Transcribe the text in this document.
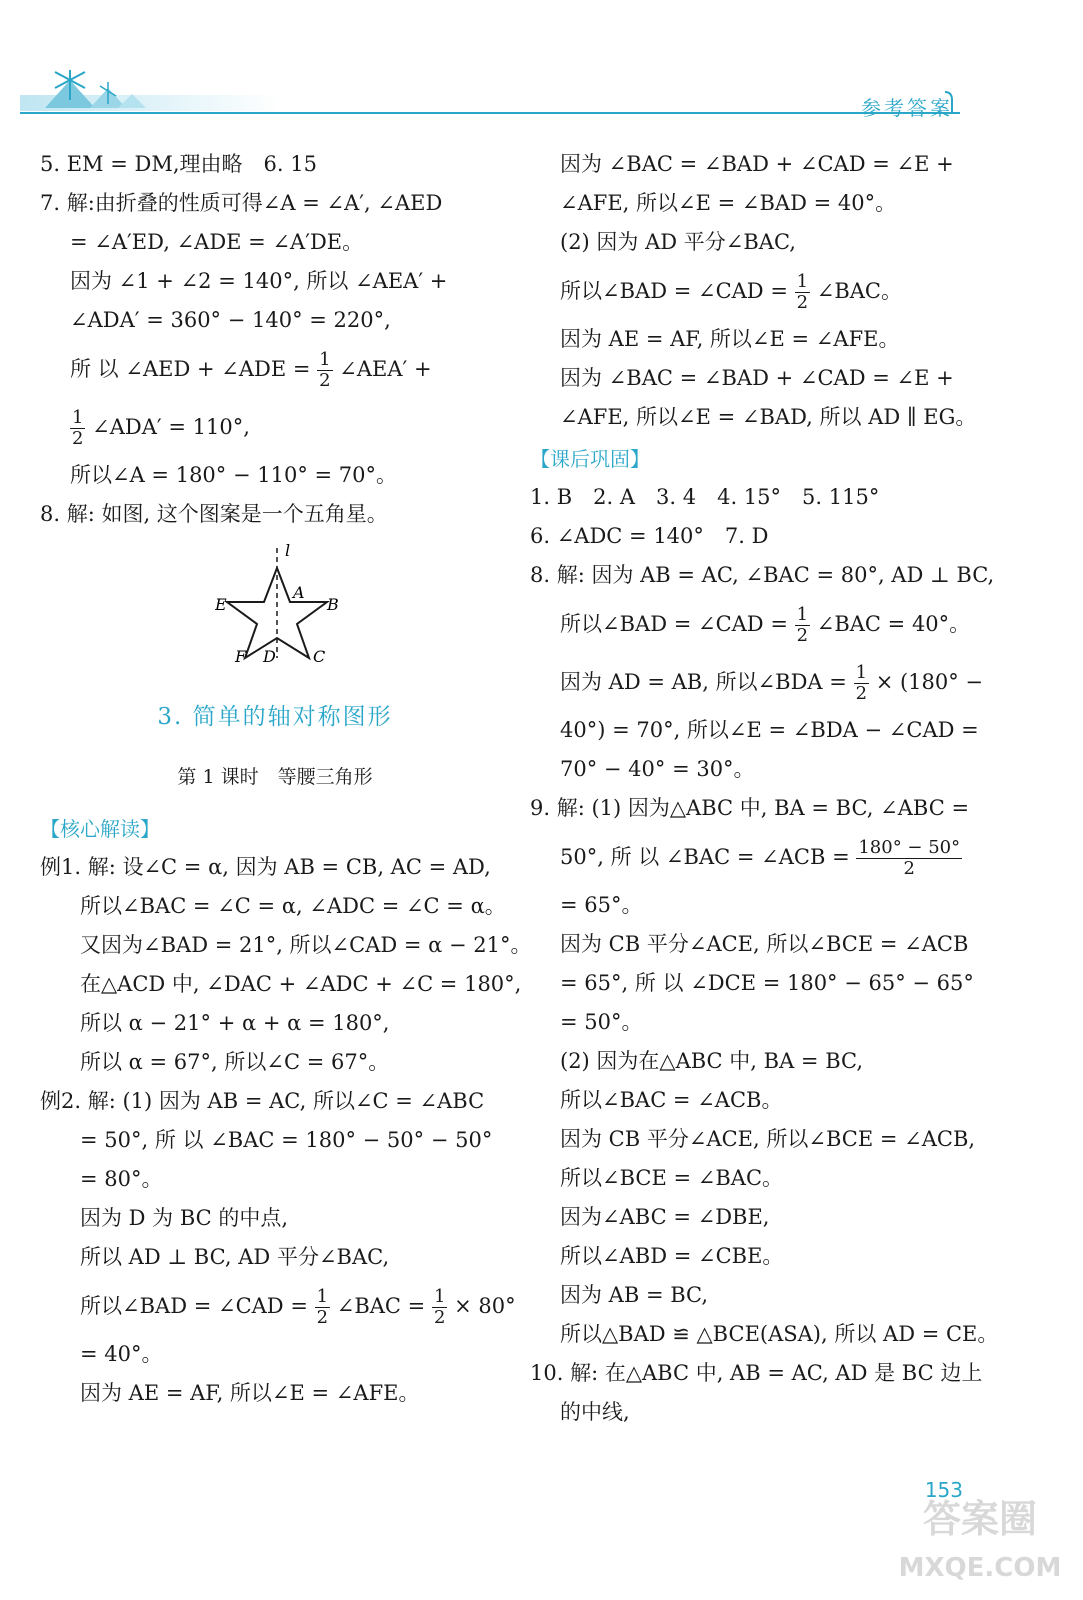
参考答案
5. EM = DM,理由略　6. 15
7. 解:由折叠的性质可得∠A = ∠A′, ∠AED
= ∠A′ED, ∠ADE = ∠A′DE。
因为 ∠1 + ∠2 = 140°, 所以 ∠AEA′ +
∠ADA′ = 360° − 140° = 220°,
所 以 ∠AED + ∠ADE = $\frac{1}{2}$ ∠AEA′ +
$\frac{1}{2}$ ∠ADA′ = 110°,
所以∠A = 180° − 110° = 70°。
8. 解: 如图, 这个图案是一个五角星。
l
A
B
E
F D C
3. 简单的轴对称图形
第 1 课时　等腰三角形
【核心解读】
例1. 解: 设∠C = α, 因为 AB = CB, AC = AD,
所以∠BAC = ∠C = α, ∠ADC = ∠C = α。
又因为∠BAD = 21°, 所以∠CAD = α − 21°。
在△ACD 中, ∠DAC + ∠ADC + ∠C = 180°,
所以 α − 21° + α + α = 180°,
所以 α = 67°, 所以∠C = 67°。
例2. 解: (1) 因为 AB = AC, 所以∠C = ∠ABC
= 50°, 所 以 ∠BAC = 180° − 50° − 50°
= 80°。
因为 D 为 BC 的中点,
所以 AD ⊥ BC, AD 平分∠BAC,
所以∠BAD = ∠CAD = $\frac{1}{2}$ ∠BAC = $\frac{1}{2} \times 80^\circ$
= 40°。
因为 AE = AF, 所以∠E = ∠AFE。
因为 ∠BAC = ∠BAD + ∠CAD = ∠E +
∠AFE, 所以∠E = ∠BAD = 40°。
(2) 因为 AD 平分∠BAC,
所以∠BAD = ∠CAD = $\frac{1}{2}$ ∠BAC。
因为 AE = AF, 所以∠E = ∠AFE。
因为 ∠BAC = ∠BAD + ∠CAD = ∠E +
∠AFE, 所以∠E = ∠BAD, 所以 AD ∥ EG。
【课后巩固】
1. B　2. A　3. 4　4. 15°　5. 115°
6. ∠ADC = 140°　7. D
8. 解: 因为 AB = AC, ∠BAC = 80°, AD ⊥ BC,
所以∠BAD = ∠CAD = $\frac{1}{2}$ ∠BAC = 40°。
因为 AD = AB, 所以∠BDA = $\frac{1}{2} \times (180^\circ$ −
40°) = 70°, 所以∠E = ∠BDA − ∠CAD =
70° − 40° = 30°。
9. 解: (1) 因为△ABC 中, BA = BC, ∠ABC =
50°, 所 以 ∠BAC = ∠ACB = $\frac{180^\circ - 50^\circ}{2}$
= 65°。
因为 CB 平分∠ACE, 所以∠BCE = ∠ACB
= 65°, 所 以 ∠DCE = 180° − 65° − 65°
= 50°。
(2) 因为在△ABC 中, BA = BC,
所以∠BAC = ∠ACB。
因为 CB 平分∠ACE, 所以∠BCE = ∠ACB,
所以∠BCE = ∠BAC。
因为∠ABC = ∠DBE,
所以∠ABD = ∠CBE。
因为 AB = BC,
所以△BAD ≌ △BCE(ASA), 所以 AD = CE。
10. 解: 在△ABC 中, AB = AC, AD 是 BC 边上
的中线,
153
答案圈
MXQE.COM
